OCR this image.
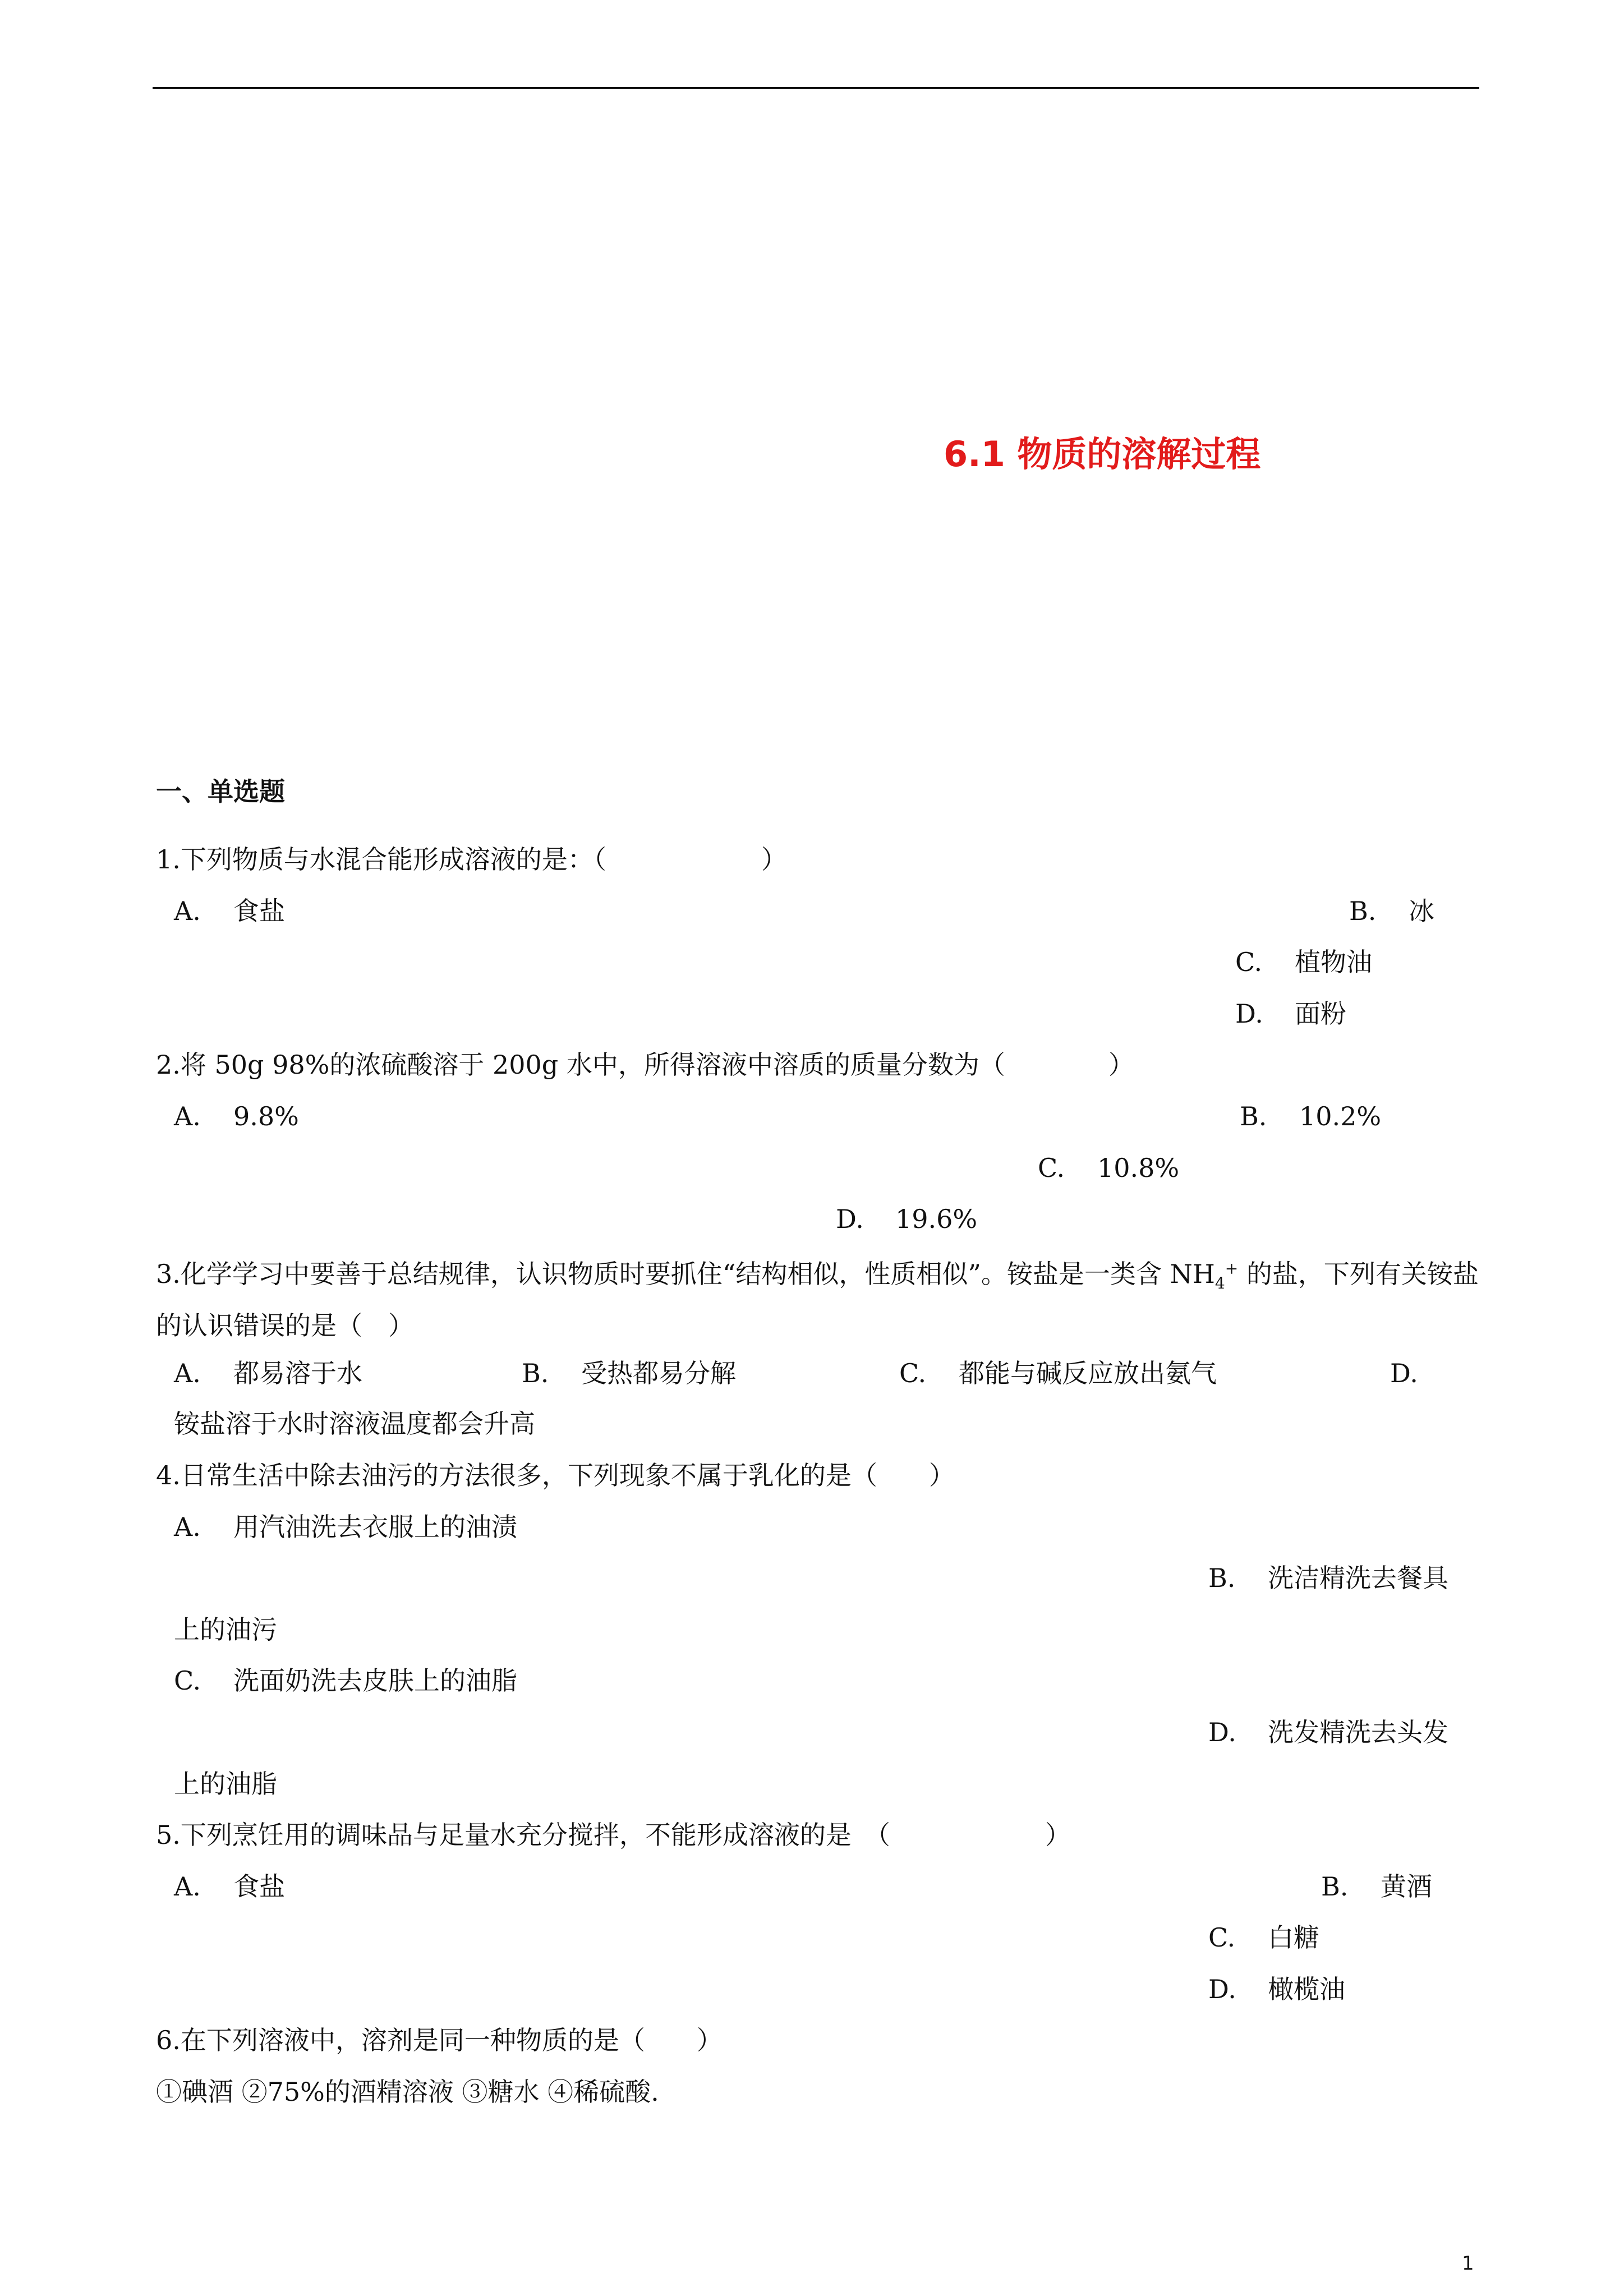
6.1 物质的溶解过程
一、单选题
1.下列物质与水混合能形成溶液的是：（　　　　　　）
A. 食盐	B. 冰
C. 植物油
D. 面粉
2.将 50g 98%的浓硫酸溶于 200g 水中，所得溶液中溶质的质量分数为（　　　　）
A. 9.8%	B. 10.2%
C. 10.8%
D. 19.6%
3.化学学习中要善于总结规律，认识物质时要抓住“结构相似，性质相似”。铵盐是一类含 $NH_4^+$ 的盐，下列有关铵盐的认识错误的是（　）
A. 都易溶于水	B. 受热都易分解	C. 都能与碱反应放出氨气	D.
铵盐溶于水时溶液温度都会升高
4.日常生活中除去油污的方法很多，下列现象不属于乳化的是（　　）
A. 用汽油洗去衣服上的油渍
B. 洗洁精洗去餐具
上的油污
C. 洗面奶洗去皮肤上的油脂
D. 洗发精洗去头发
上的油脂
5.下列烹饪用的调味品与足量水充分搅拌，不能形成溶液的是　（　　　　　　）
A. 食盐	B. 黄酒
C. 白糖
D. 橄榄油
6.在下列溶液中，溶剂是同一种物质的是（　　）
①碘酒 ②75%的酒精溶液 ③糖水 ④稀硫酸.
1
